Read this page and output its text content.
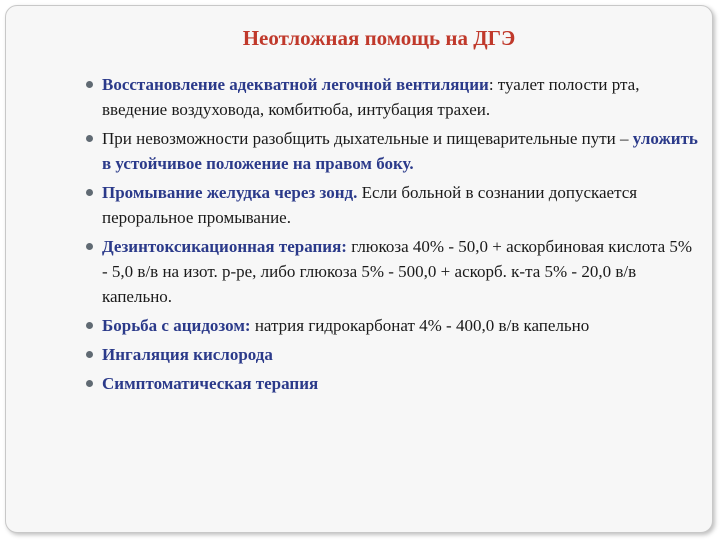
Неотложная помощь на ДГЭ
Восстановление адекватной легочной вентиляции: туалет полости рта, введение воздуховода, комбитюба, интубация трахеи.
При невозможности разобщить дыхательные и пищеварительные пути – уложить в устойчивое положение на правом боку.
Промывание желудка через зонд. Если больной в сознании допускается пероральное промывание.
Дезинтоксикационная терапия: глюкоза 40% - 50,0 + аскорбиновая кислота 5% - 5,0 в/в на изот. р-ре, либо глюкоза 5% - 500,0 + аскорб. к-та 5% - 20,0 в/в капельно.
Борьба с ацидозом: натрия гидрокарбонат 4% - 400,0 в/в капельно
Ингаляция кислорода
Симптоматическая терапия
